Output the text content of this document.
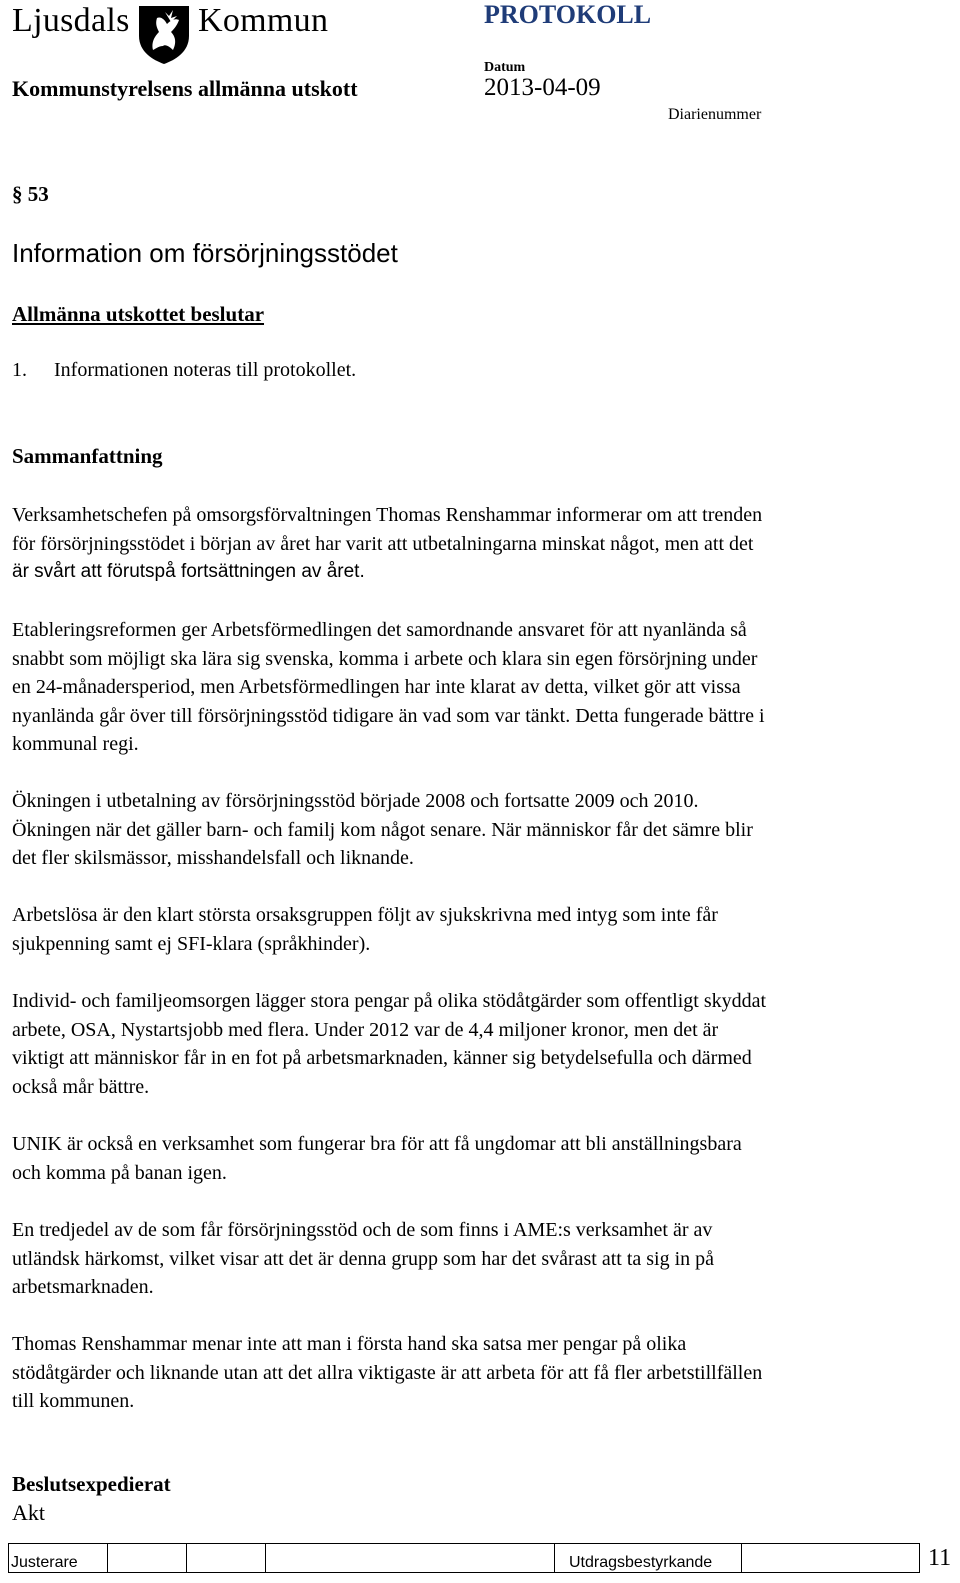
Ljusdals Kommun	PROTOKOLL
Kommunstyrelsens allmänna utskott
Datum
2013-04-09
Diarienummer
§ 53
Information om försörjningsstödet
Allmänna utskottet beslutar
1. Informationen noteras till protokollet.
Sammanfattning
Verksamhetschefen på omsorgsförvaltningen Thomas Renshammar informerar om att trenden
för försörjningsstödet i början av året har varit att utbetalningarna minskat något, men att det
är svårt att förutspå fortsättningen av året.
Etableringsreformen ger Arbetsförmedlingen det samordnande ansvaret för att nyanlända så
snabbt som möjligt ska lära sig svenska, komma i arbete och klara sin egen försörjning under
en 24-månadersperiod, men Arbetsförmedlingen har inte klarat av detta, vilket gör att vissa
nyanlända går över till försörjningsstöd tidigare än vad som var tänkt. Detta fungerade bättre i
kommunal regi.
Ökningen i utbetalning av försörjningsstöd började 2008 och fortsatte 2009 och 2010.
Ökningen när det gäller barn- och familj kom något senare. När människor får det sämre blir
det fler skilsmässor, misshandelsfall och liknande.
Arbetslösa är den klart största orsaksgruppen följt av sjukskrivna med intyg som inte får
sjukpenning samt ej SFI-klara (språkhinder).
Individ- och familjeomsorgen lägger stora pengar på olika stödåtgärder som offentligt skyddat
arbete, OSA, Nystartsjobb med flera. Under 2012 var de 4,4 miljoner kronor, men det är
viktigt att människor får in en fot på arbetsmarknaden, känner sig betydelsefulla och därmed
också mår bättre.
UNIK är också en verksamhet som fungerar bra för att få ungdomar att bli anställningsbara
och komma på banan igen.
En tredjedel av de som får försörjningsstöd och de som finns i AME:s verksamhet är av
utländsk härkomst, vilket visar att det är denna grupp som har det svårast att ta sig in på
arbetsmarknaden.
Thomas Renshammar menar inte att man i första hand ska satsa mer pengar på olika
stödåtgärder och liknande utan att det allra viktigaste är att arbeta för att få fler arbetstillfällen
till kommunen.
Beslutsexpedierat
Akt
Justerare				Utdragsbestyrkande		11
